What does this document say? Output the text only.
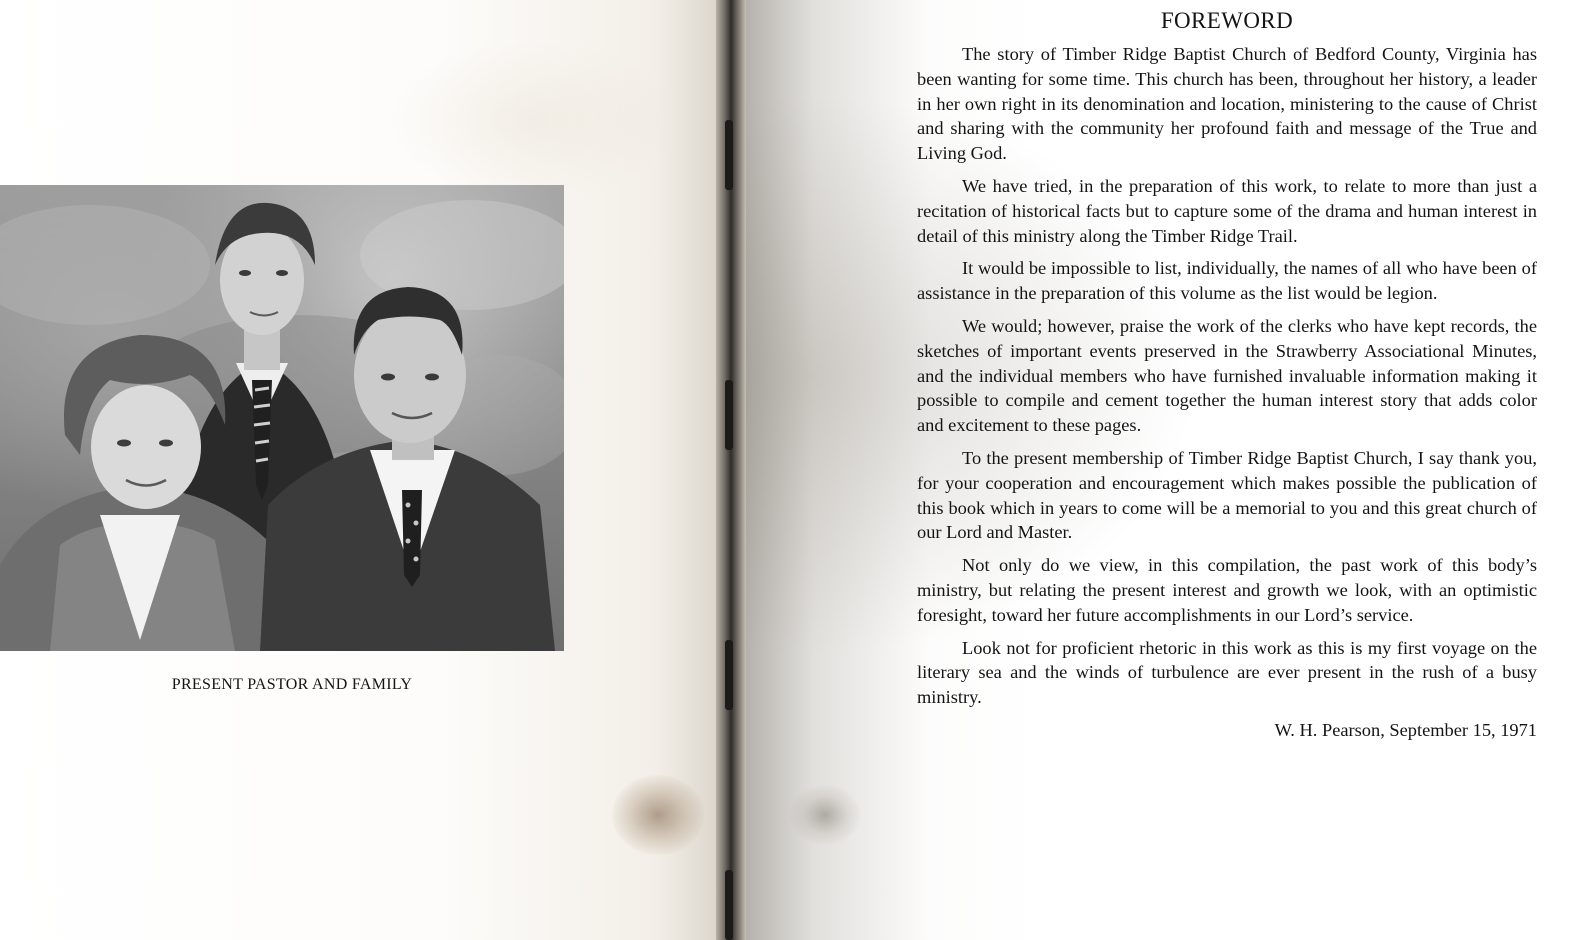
PRESENT PASTOR AND FAMILY
FOREWORD

The story of Timber Ridge Baptist Church of Bedford County, Virginia has been wanting for some time. This church has been, throughout her history, a leader in her own right in its denomination and location, ministering to the cause of Christ and sharing with the community her profound faith and message of the True and Living God.

We have tried, in the preparation of this work, to relate to more than just a recitation of historical facts but to capture some of the drama and human interest in detail of this ministry along the Timber Ridge Trail.

It would be impossible to list, individually, the names of all who have been of assistance in the preparation of this volume as the list would be legion.

We would; however, praise the work of the clerks who have kept records, the sketches of important events preserved in the Strawberry Associational Minutes, and the individual members who have furnished invaluable information making it possible to compile and cement together the human interest story that adds color and excitement to these pages.

To the present membership of Timber Ridge Baptist Church, I say thank you, for your cooperation and encouragement which makes possible the publication of this book which in years to come will be a memorial to you and this great church of our Lord and Master.

Not only do we view, in this compilation, the past work of this body’s ministry, but relating the present interest and growth we look, with an optimistic foresight, toward her future accomplishments in our Lord’s service.

Look not for proficient rhetoric in this work as this is my first voyage on the literary sea and the winds of turbulence are ever present in the rush of a busy ministry.

W. H. Pearson, September 15, 1971
